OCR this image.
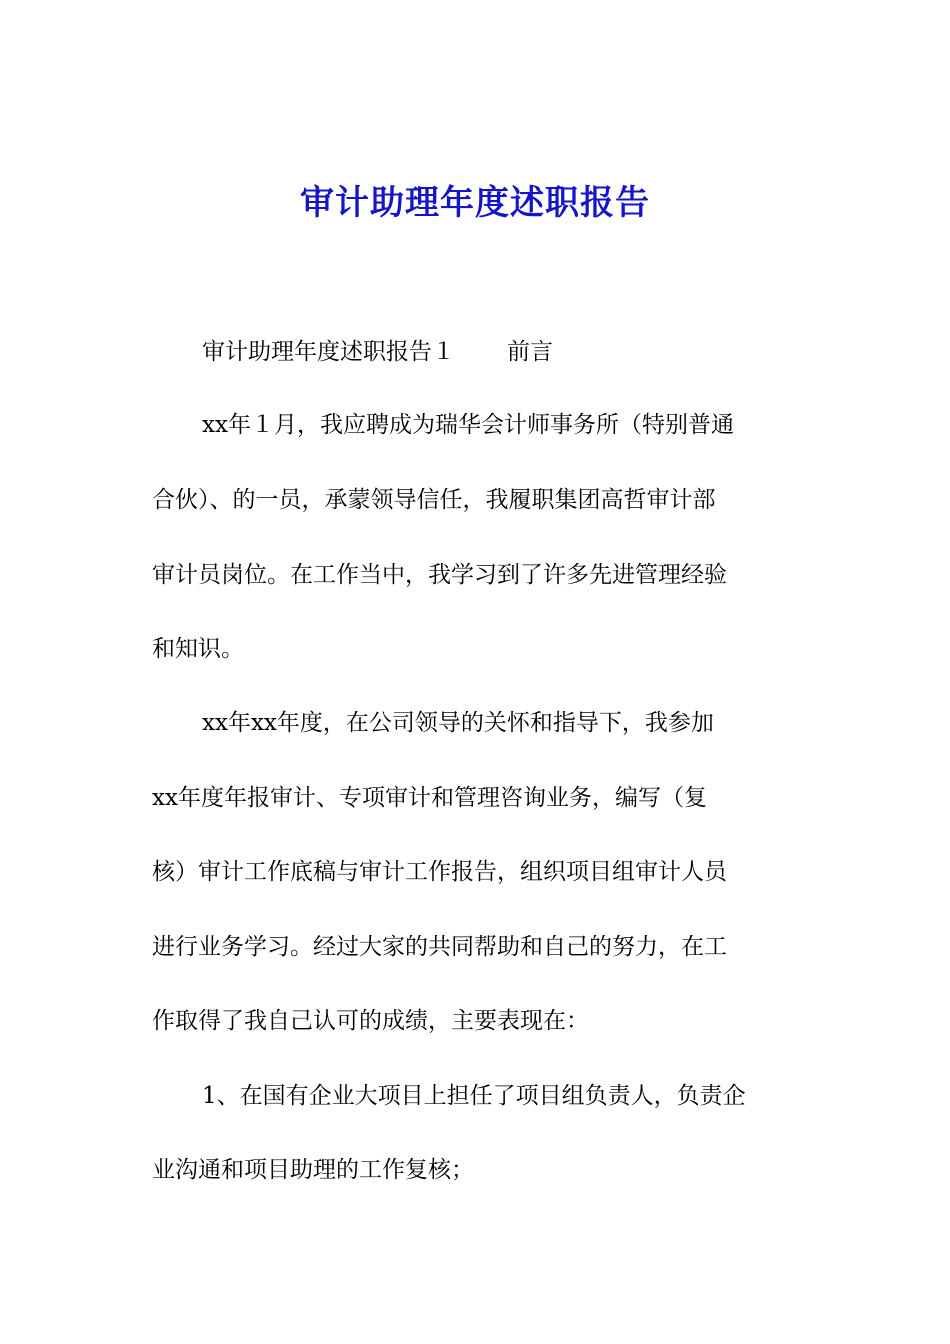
审计助理年度述职报告
审计助理年度述职报告１ 前言
xx年１月，我应聘成为瑞华会计师事务所（特别普通
合伙）、的一员，承蒙领导信任，我履职集团高哲审计部
审计员岗位。在工作当中，我学习到了许多先进管理经验
和知识。
xx年xx年度，在公司领导的关怀和指导下，我参加
xx年度年报审计、专项审计和管理咨询业务，编写（复
核）审计工作底稿与审计工作报告，组织项目组审计人员
进行业务学习。经过大家的共同帮助和自己的努力，在工
作取得了我自己认可的成绩，主要表现在：
1、在国有企业大项目上担任了项目组负责人，负责企
业沟通和项目助理的工作复核；
